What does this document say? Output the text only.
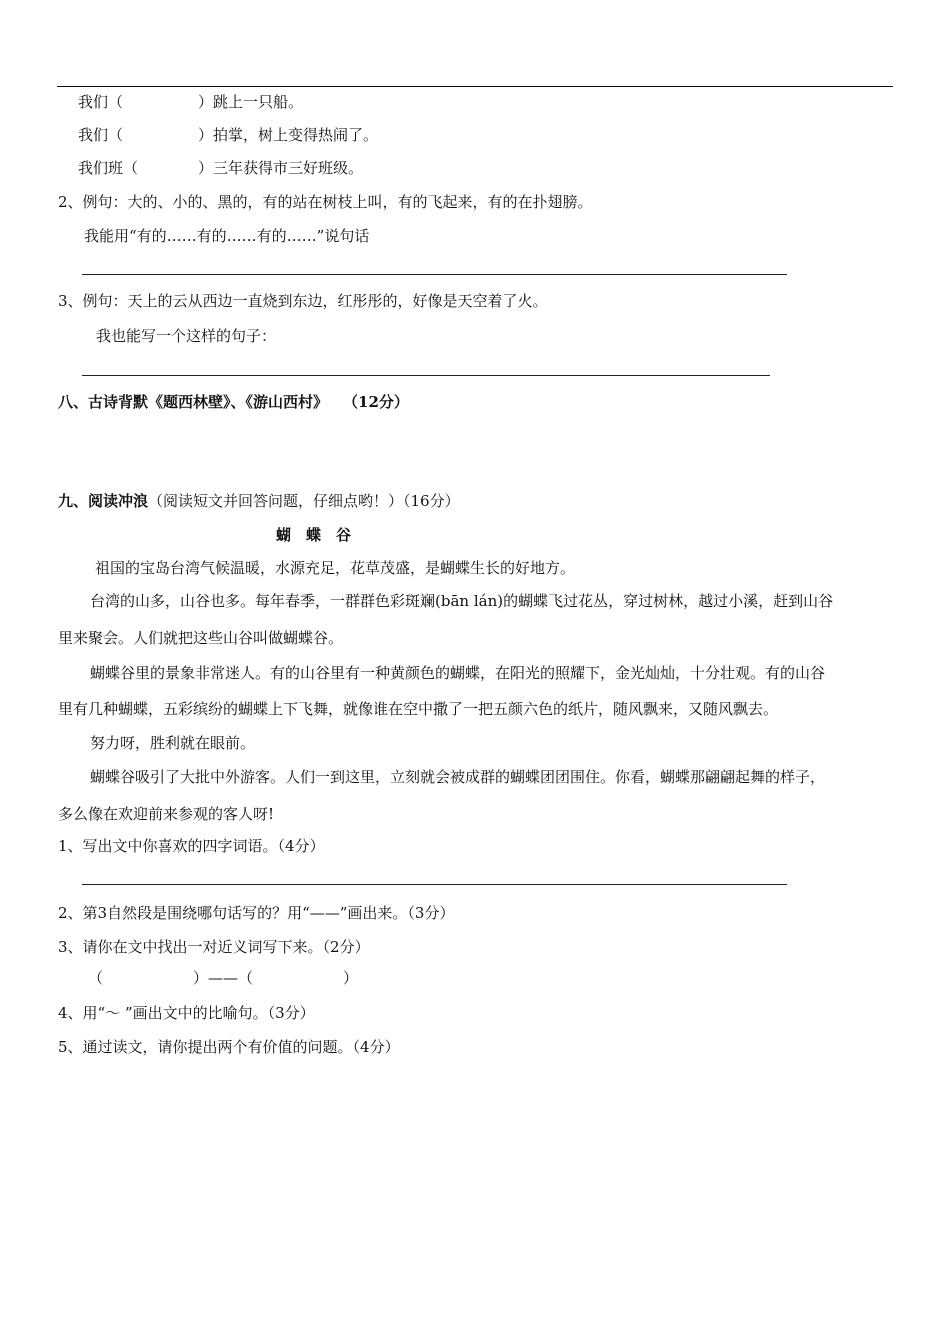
我们（　　　　　）跳上一只船。
我们（　　　　　）拍掌，树上变得热闹了。
我们班（　　　　）三年获得市三好班级。
2、例句：大的、小的、黑的，有的站在树枝上叫，有的飞起来，有的在扑翅膀。
我能用“有的……有的……有的……”说句话
3、例句：天上的云从西边一直烧到东边，红彤彤的，好像是天空着了火。
我也能写一个这样的句子：
八、古诗背默《题西林壁》、《游山西村》　　（12分）
九、阅读冲浪（阅读短文并回答问题，仔细点哟！）（16分）
蝴　蝶　谷
祖国的宝岛台湾气候温暖，水源充足，花草茂盛，是蝴蝶生长的好地方。
台湾的山多，山谷也多。每年春季，一群群色彩斑斓(bān lán)的蝴蝶飞过花丛，穿过树林，越过小溪，赶到山谷
里来聚会。人们就把这些山谷叫做蝴蝶谷。
蝴蝶谷里的景象非常迷人。有的山谷里有一种黄颜色的蝴蝶，在阳光的照耀下，金光灿灿，十分壮观。有的山谷
里有几种蝴蝶，五彩缤纷的蝴蝶上下飞舞，就像谁在空中撒了一把五颜六色的纸片，随风飘来，又随风飘去。
努力呀，胜利就在眼前。
蝴蝶谷吸引了大批中外游客。人们一到这里，立刻就会被成群的蝴蝶团团围住。你看，蝴蝶那翩翩起舞的样子，
多么像在欢迎前来参观的客人呀!
1、写出文中你喜欢的四字词语。（4分）
2、第3自然段是围绕哪句话写的？用“——”画出来。（3分）
3、请你在文中找出一对近义词写下来。（2分）
（　　　　　　）——（　　　　　　）
4、用“～ ”画出文中的比喻句。（3分）
5、通过读文，请你提出两个有价值的问题。（4分）
